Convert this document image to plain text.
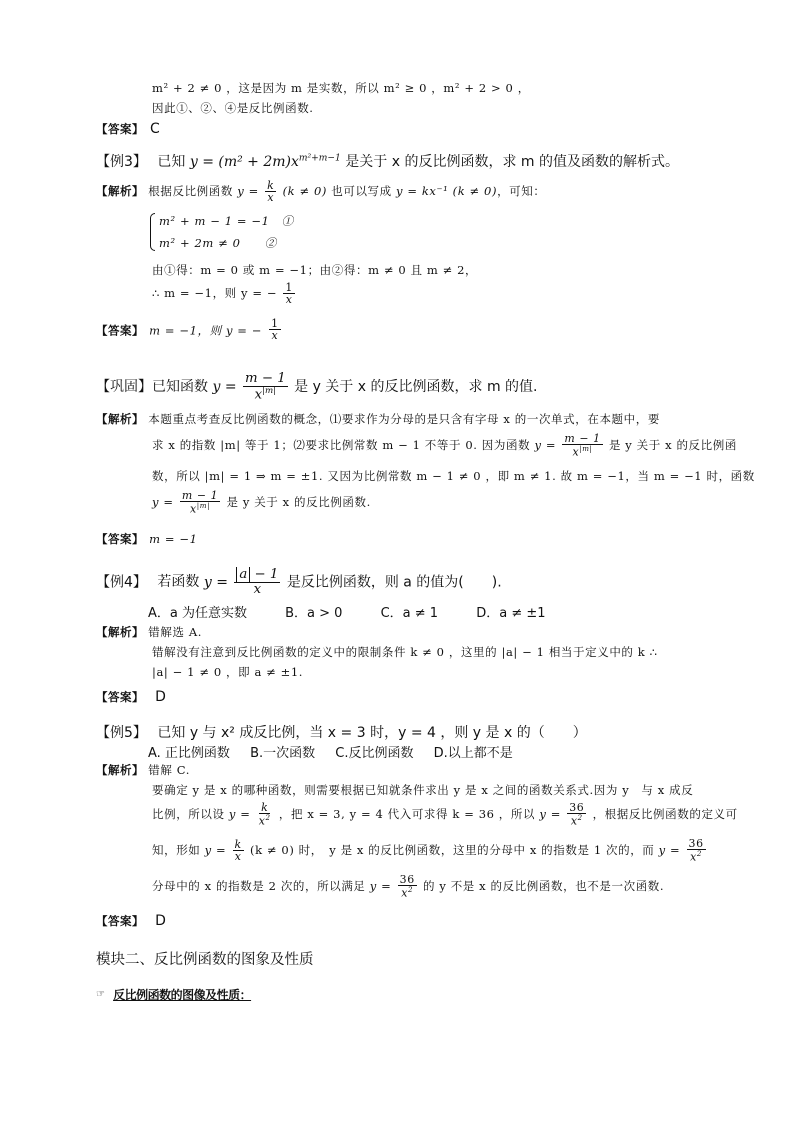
m² + 2 ≠ 0 ，这是因为 m 是实数，所以 m² ≥ 0 ，m² + 2 > 0 ，
因此①、②、④是反比例函数.
【答案】 C
【例3】 已知 $y = (m^2 + 2m)x^{m^2+m-1}$ 是关于 x 的反比例函数，求 m 的值及函数的解析式。
【解析】 根据反比例函数 $y = \frac{k}{x} (k \ne 0)$ 也可以写成 y = kx⁻¹ (k ≠ 0)，可知：
m² + m − 1 = −1　①
m² + 2m ≠ 0　　②
由①得：m = 0 或 m = −1；由②得：m ≠ 0 且 m ≠ 2，
∴ m = −1，则 y = − $\frac{1}{x}$
【答案】 m = −1，则 y = − $\frac{1}{x}$
【巩固】已知函数 $y = \frac{m - 1}{x^{|m|}}$ 是 y 关于 x 的反比例函数，求 m 的值.
【解析】 本题重点考查反比例函数的概念，⑴要求作为分母的是只含有字母 x 的一次单式，在本题中，要
求 x 的指数 |m| 等于 1；⑵要求比例常数 m − 1 不等于 0. 因为函数 $y = \frac{m - 1}{x^{|m|}}$ 是 y 关于 x 的反比例函
数，所以 |m| = 1 ⇒ m = ±1. 又因为比例常数 m − 1 ≠ 0 ，即 m ≠ 1. 故 m = −1，当 m = −1 时，函数
$y = \frac{m - 1}{x^{|m|}}$ 是 y 关于 x 的反比例函数.
【答案】 m = −1
【例4】 若函数 $y = \frac{a - 1}{x}$ 是反比例函数，则 a 的值为(　　).
A．a 为任意实数	B．a > 0	C．a ≠ 1	D．a ≠ ±1
【解析】 错解选 A.
错解没有注意到反比例函数的定义中的限制条件 k ≠ 0 ，这里的 |a| − 1 相当于定义中的 k ∴
|a| − 1 ≠ 0 ，即 a ≠ ±1.
【答案】 D
【例5】 已知 y 与 x² 成反比例，当 x = 3 时，y = 4 ，则 y 是 x 的（　　）
A. 正比例函数 B.一次函数 C.反比例函数 D.以上都不是
【解析】 错解 C.
要确定 y 是 x 的哪种函数，则需要根据已知就条件求出 y 是 x 之间的函数关系式.因为 y　与 x 成反
比例，所以设 $y = \frac{k}{x^2}$ ，把 x = 3, y = 4 代入可求得 k = 36 ，所以 $y = \frac{36}{x^2}$ ，根据反比例函数的定义可
知，形如 $y = \frac{k}{x} (k \ne 0)$ 时，　y 是 x 的反比例函数，这里的分母中 x 的指数是 1 次的，而 $y = \frac{36}{x^2}$
分母中的 x 的指数是 2 次的，所以满足 $y = \frac{36}{x^2}$ 的 y 不是 x 的反比例函数，也不是一次函数.
【答案】 D
模块二、反比例函数的图象及性质
☞ 反比例函数的图像及性质：
